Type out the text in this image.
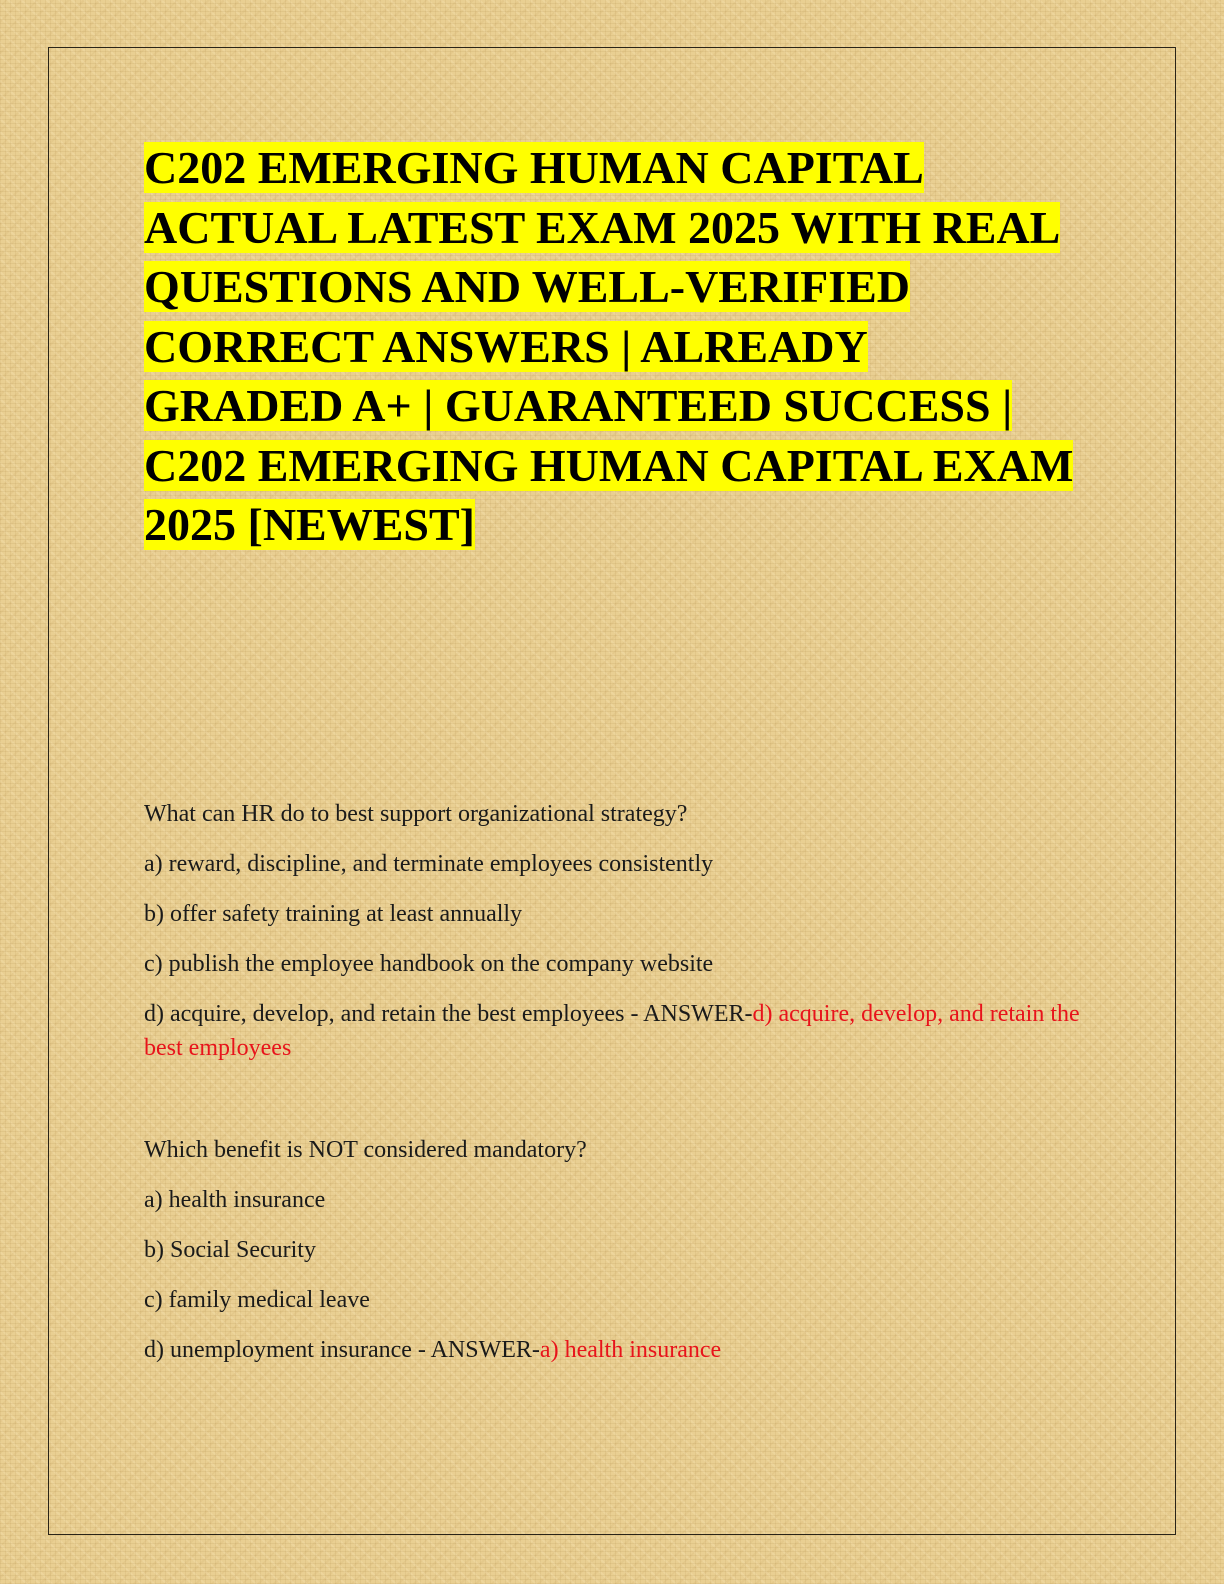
C202 EMERGING HUMAN CAPITAL ACTUAL LATEST EXAM 2025 WITH REAL QUESTIONS AND WELL-VERIFIED CORRECT ANSWERS | ALREADY GRADED A+ | GUARANTEED SUCCESS | C202 EMERGING HUMAN CAPITAL EXAM 2025 [NEWEST]

What can HR do to best support organizational strategy?

a) reward, discipline, and terminate employees consistently

b) offer safety training at least annually

c) publish the employee handbook on the company website

d) acquire, develop, and retain the best employees - ANSWER-d) acquire, develop, and retain the best employees

Which benefit is NOT considered mandatory?

a) health insurance

b) Social Security

c) family medical leave

d) unemployment insurance - ANSWER-a) health insurance
